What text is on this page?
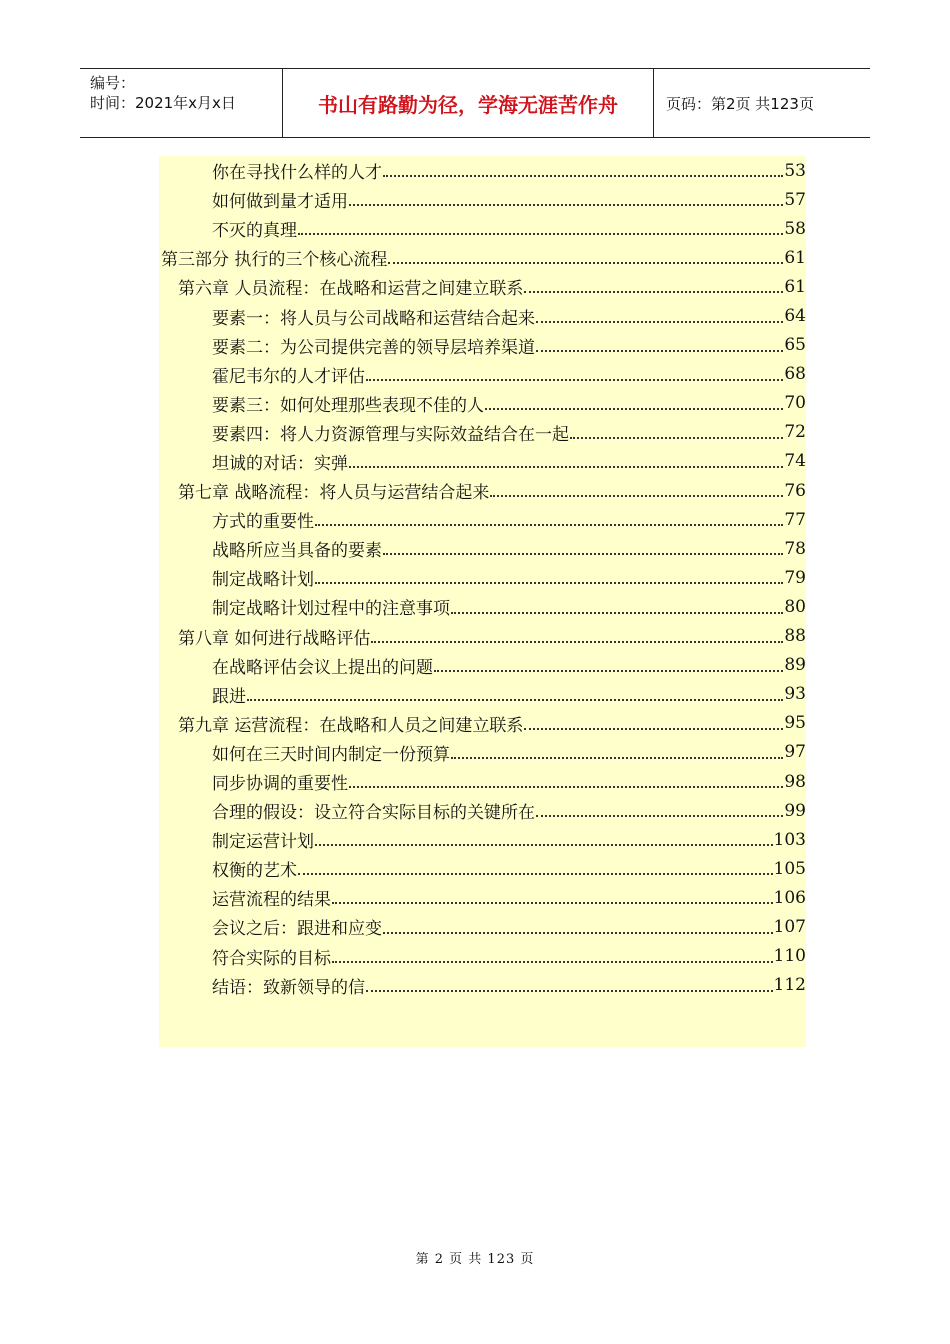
编号：
时间：2021年x月x日	书山有路勤为径，学海无涯苦作舟	页码：第2页 共123页
你在寻找什么样的人才	53
如何做到量才适用	57
不灭的真理	58
第三部分 执行的三个核心流程	61
第六章 人员流程：在战略和运营之间建立联系	61
要素一：将人员与公司战略和运营结合起来	64
要素二：为公司提供完善的领导层培养渠道	65
霍尼韦尔的人才评估	68
要素三：如何处理那些表现不佳的人	70
要素四：将人力资源管理与实际效益结合在一起	72
坦诚的对话：实弹	74
第七章 战略流程：将人员与运营结合起来	76
方式的重要性	77
战略所应当具备的要素	78
制定战略计划	79
制定战略计划过程中的注意事项	80
第八章 如何进行战略评估	88
在战略评估会议上提出的问题	89
跟进	93
第九章 运营流程：在战略和人员之间建立联系	95
如何在三天时间内制定一份预算	97
同步协调的重要性	98
合理的假设：设立符合实际目标的关键所在	99
制定运营计划	103
权衡的艺术	105
运营流程的结果	106
会议之后：跟进和应变	107
符合实际的目标	110
结语：致新领导的信	112
第 2 页 共 123 页
